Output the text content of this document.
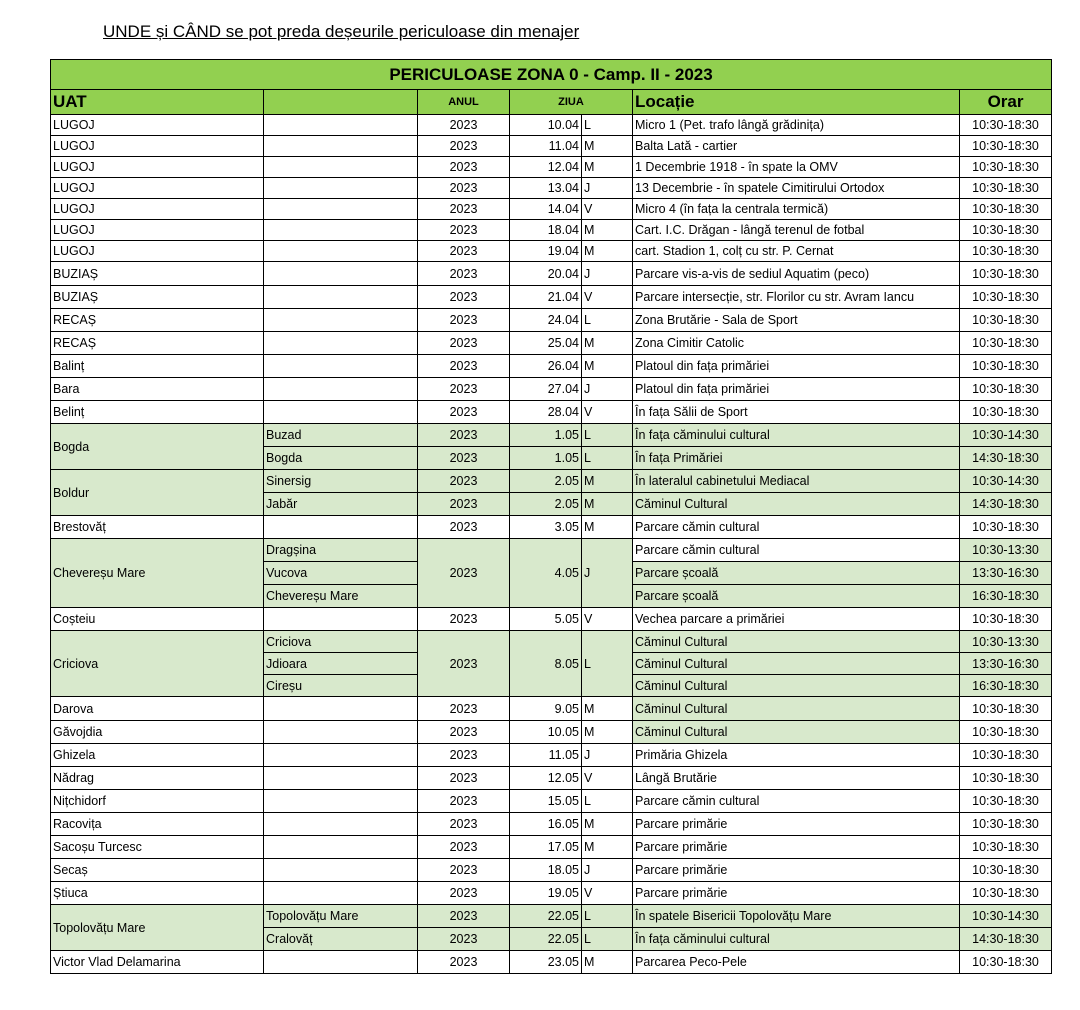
UNDE și CÂND se pot preda deșeurile periculoase din menajer
PERICULOASE ZONA 0 - Camp. II - 2023						
UAT		ANUL	ZIUA		Locație	Orar
LUGOJ		2023	10.04	L	Micro 1 (Pet. trafo lângă grădinița)	10:30-18:30
LUGOJ		2023	11.04	M	Balta Lată - cartier	10:30-18:30
LUGOJ		2023	12.04	M	1 Decembrie 1918 - în spate la OMV	10:30-18:30
LUGOJ		2023	13.04	J	13 Decembrie - în spatele Cimitirului Ortodox	10:30-18:30
LUGOJ		2023	14.04	V	Micro 4 (în fața la centrala termică)	10:30-18:30
LUGOJ		2023	18.04	M	Cart. I.C. Drăgan - lângă terenul de fotbal	10:30-18:30
LUGOJ		2023	19.04	M	cart. Stadion 1, colț cu str. P. Cernat	10:30-18:30
BUZIAȘ		2023	20.04	J	Parcare vis-a-vis de sediul Aquatim (peco)	10:30-18:30
BUZIAȘ		2023	21.04	V	Parcare intersecție, str. Florilor cu str. Avram Iancu	10:30-18:30
RECAȘ		2023	24.04	L	Zona Brutărie - Sala de Sport	10:30-18:30
RECAȘ		2023	25.04	M	Zona Cimitir Catolic	10:30-18:30
Balinț		2023	26.04	M	Platoul din fața primăriei	10:30-18:30
Bara		2023	27.04	J	Platoul din fața primăriei	10:30-18:30
Belinț		2023	28.04	V	În fața Sălii de Sport	10:30-18:30
Bogda	Buzad	2023	1.05	L	În fața căminului cultural	10:30-14:30
	Bogda	2023	1.05	L	În fața Primăriei	14:30-18:30
Boldur	Sinersig	2023	2.05	M	În lateralul cabinetului Mediacal	10:30-14:30
	Jabăr	2023	2.05	M	Căminul Cultural	14:30-18:30
Brestovăț		2023	3.05	M	Parcare cămin cultural	10:30-18:30
Chevereșu Mare	Dragșina	2023	4.05	J	Parcare cămin cultural	10:30-13:30
	Vucova				Parcare școală	13:30-16:30
	Chevereșu Mare				Parcare școală	16:30-18:30
Coșteiu		2023	5.05	V	Vechea parcare a primăriei	10:30-18:30
Criciova	Criciova	2023	8.05	L	Căminul Cultural	10:30-13:30
	Jdioara				Căminul Cultural	13:30-16:30
	Cireșu				Căminul Cultural	16:30-18:30
Darova		2023	9.05	M	Căminul Cultural	10:30-18:30
Găvojdia		2023	10.05	M	Căminul Cultural	10:30-18:30
Ghizela		2023	11.05	J	Primăria Ghizela	10:30-18:30
Nădrag		2023	12.05	V	Lângă Brutărie	10:30-18:30
Nițchidorf		2023	15.05	L	Parcare cămin cultural	10:30-18:30
Racovița		2023	16.05	M	Parcare primărie	10:30-18:30
Sacoșu Turcesc		2023	17.05	M	Parcare primărie	10:30-18:30
Secaș		2023	18.05	J	Parcare primărie	10:30-18:30
Știuca		2023	19.05	V	Parcare primărie	10:30-18:30
Topolovățu Mare	Topolovățu Mare	2023	22.05	L	În spatele Bisericii Topolovățu Mare	10:30-14:30
	Cralovăț	2023	22.05	L	În fața căminului cultural	14:30-18:30
Victor Vlad Delamarina		2023	23.05	M	Parcarea Peco-Pele	10:30-18:30
